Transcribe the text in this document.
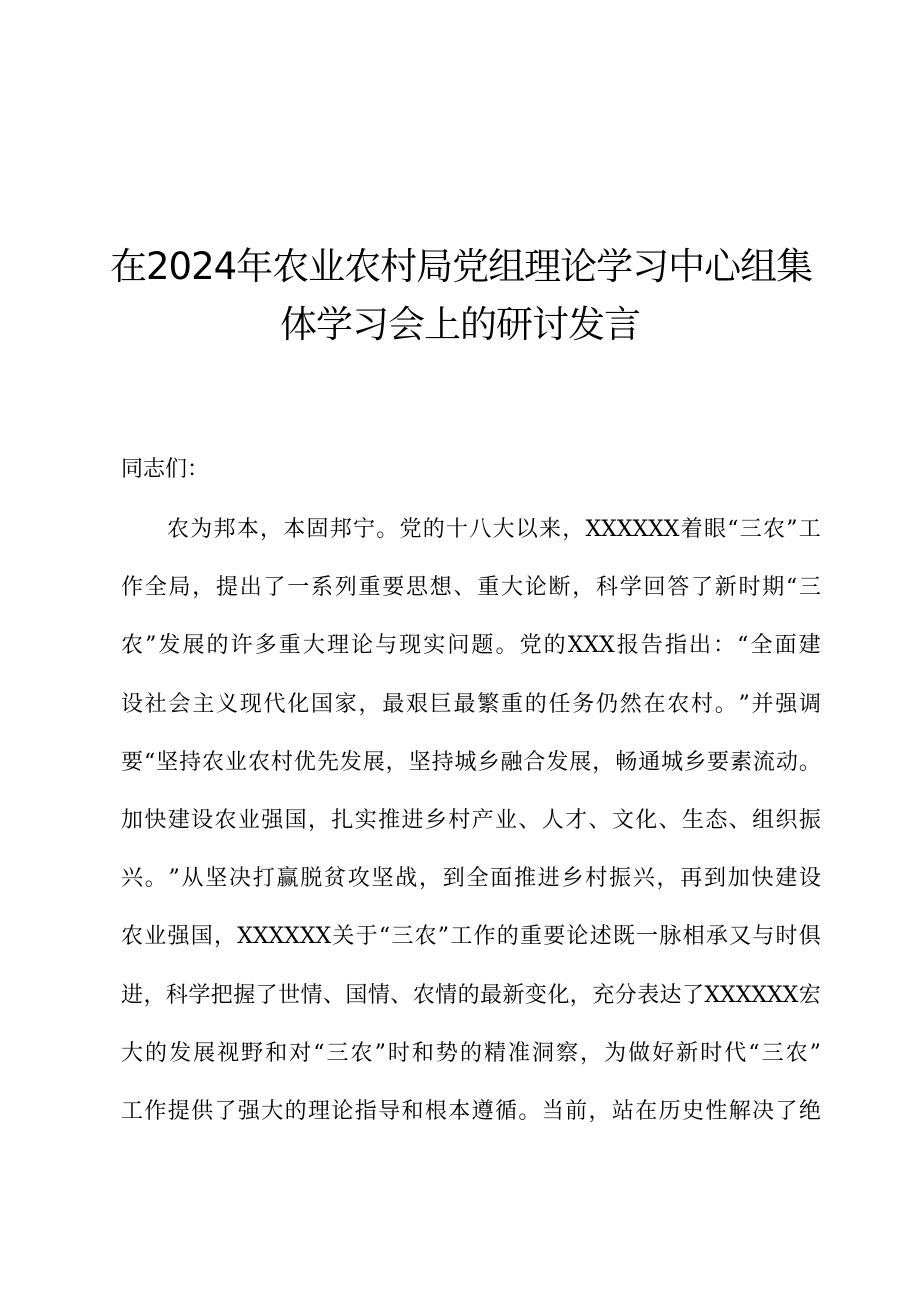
在2024年农业农村局党组理论学习中心组集
体学习会上的研讨发言
同志们：
农 为 邦 本 ， 本 固 邦 宁 。 党 的 十 八 大 以 来 ， XXXXXX 着 眼 “ 三 农 ” 工
作 全 局 ， 提 出 了 一 系 列 重 要 思 想 、 重 大 论 断 ， 科 学 回 答 了 新 时 期 “ 三
农 ” 发 展 的 许 多 重 大 理 论 与 现 实 问 题 。 党 的 XXX 报 告 指 出 ： “ 全 面 建
设 社 会 主 义 现 代 化 国 家 ， 最 艰 巨 最 繁 重 的 任 务 仍 然 在 农 村 。 ” 并 强 调
要 “ 坚 持 农 业 农 村 优 先 发 展 ， 坚 持 城 乡 融 合 发 展 ， 畅 通 城 乡 要 素 流 动 。
加 快 建 设 农 业 强 国 ， 扎 实 推 进 乡 村 产 业 、 人 才 、 文 化 、 生 态 、 组 织 振
兴 。 ” 从 坚 决 打 赢 脱 贫 攻 坚 战 ， 到 全 面 推 进 乡 村 振 兴 ， 再 到 加 快 建 设
农 业 强 国 ， XXXXXX 关 于 “ 三 农 ” 工 作 的 重 要 论 述 既 一 脉 相 承 又 与 时 俱
进 ， 科 学 把 握 了 世 情 、 国 情 、 农 情 的 最 新 变 化 ， 充 分 表 达 了 XXXXXX 宏
大 的 发 展 视 野 和 对 “ 三 农 ” 时 和 势 的 精 准 洞 察 ， 为 做 好 新 时 代 “ 三 农 ”
工 作 提 供 了 强 大 的 理 论 指 导 和 根 本 遵 循 。 当 前 ， 站 在 历 史 性 解 决 了 绝
